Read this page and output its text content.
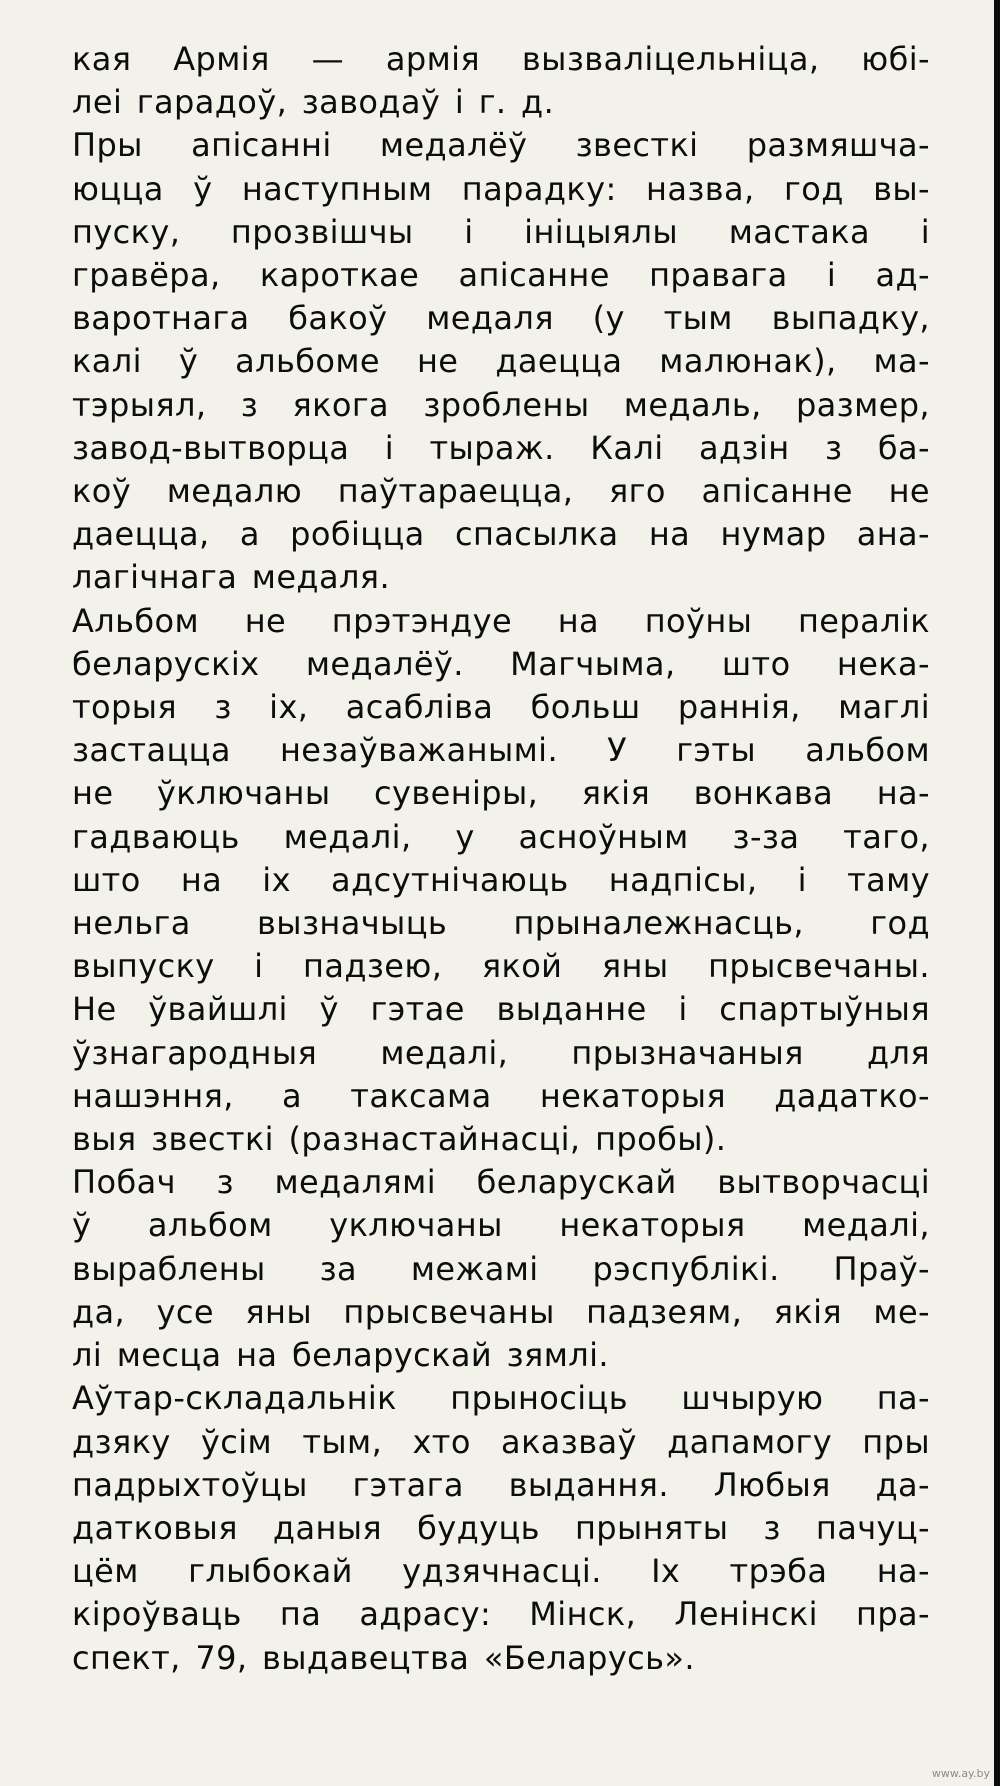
кая Армія — армія вызваліцельніца, юбі-
леі гарадоў, заводаў і г. д.
Пры апісанні медалёў звесткі размяшча-
юцца ў наступным парадку: назва, год вы-
пуску, прозвішчы і ініцыялы мастака і
гравёра, кароткае апісанне правага і ад-
варотнага бакоў медаля (у тым выпадку,
калі ў альбоме не даецца малюнак), ма-
тэрыял, з якога зроблены медаль, размер,
завод-вытворца і тыраж. Калі адзін з ба-
коў медалю паўтараецца, яго апісанне не
даецца, а робіцца спасылка на нумар ана-
лагічнага медаля.
Альбом не прэтэндуе на поўны пералік
беларускіх медалёў. Магчыма, што нека-
торыя з іх, асабліва больш раннія, маглі
застацца незаўважанымі. У гэты альбом
не ўключаны сувеніры, якія вонкава на-
гадваюць медалі, у асноўным з-за таго,
што на іх адсутнічаюць надпісы, і таму
нельга вызначыць прыналежнасць, год
выпуску і падзею, якой яны прысвечаны.
Не ўвайшлі ў гэтае выданне і спартыўныя
ўзнагародныя медалі, прызначаныя для
нашэння, а таксама некаторыя дадатко-
выя звесткі (разнастайнасці, пробы).
Побач з медалямі беларускай вытворчасці
ў альбом уключаны некаторыя медалі,
выраблены за межамі рэспублікі. Праў-
да, усе яны прысвечаны падзеям, якія ме-
лі месца на беларускай зямлі.
Аўтар-складальнік прыносіць шчырую па-
дзяку ўсім тым, хто аказваў дапамогу пры
падрыхтоўцы гэтага выдання. Любыя да-
датковыя даныя будуць прыняты з пачуц-
цём глыбокай удзячнасці. Іх трэба на-
кіроўваць па адрасу: Мінск, Ленінскі пра-
спект, 79, выдавецтва «Беларусь».
www.ay.by
